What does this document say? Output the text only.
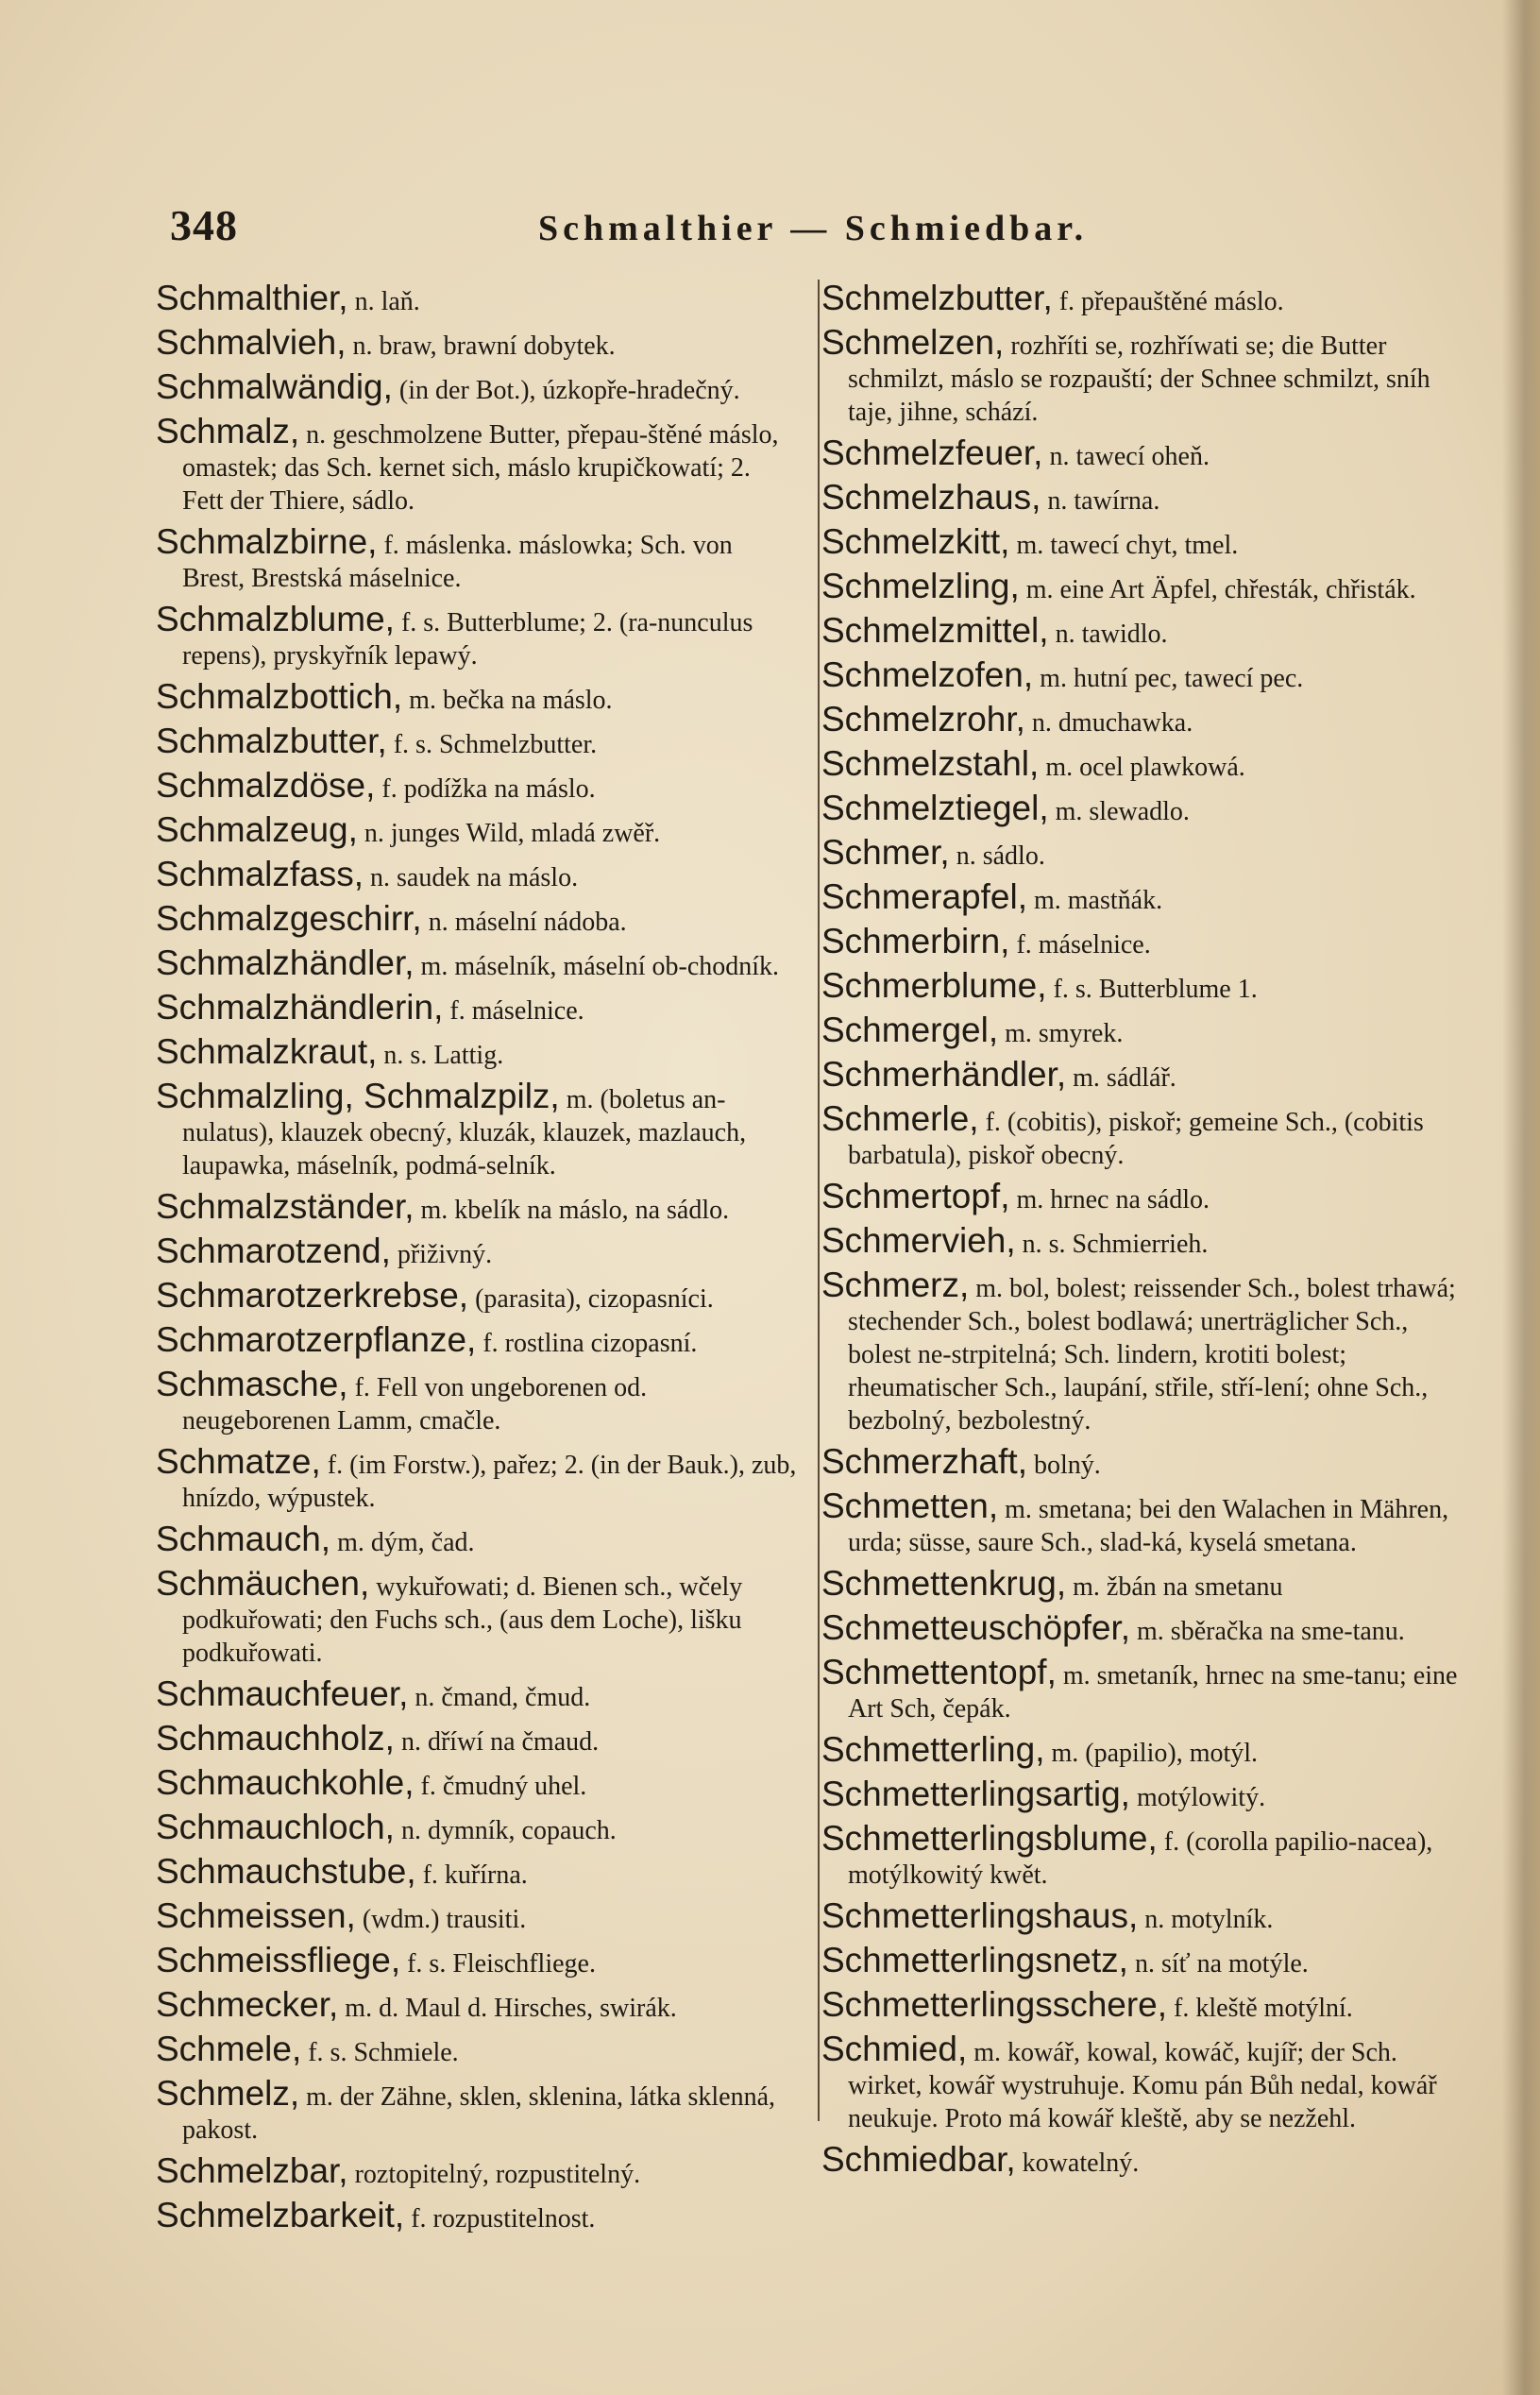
348	Schmalthier — Schmiedbar.
Schmalthier, n. laň.
Schmalvieh, n. braw, brawní dobytek.
Schmalwändig, (in der Bot.), úzkopře-hradečný.
Schmalz, n. geschmolzene Butter, přepau-štěné máslo, omastek; das Sch. kernet sich, máslo krupičkowatí; 2. Fett der Thiere, sádlo.
Schmalzbirne, f. máslenka. máslowka; Sch. von Brest, Brestská máselnice.
Schmalzblume, f. s. Butterblume; 2. (ra-nunculus repens), pryskyřník lepawý.
Schmalzbottich, m. bečka na máslo.
Schmalzbutter, f. s. Schmelzbutter.
Schmalzdöse, f. podížka na máslo.
Schmalzeug, n. junges Wild, mladá zwěř.
Schmalzfass, n. saudek na máslo.
Schmalzgeschirr, n. máselní nádoba.
Schmalzhändler, m. máselník, máselní ob-chodník.
Schmalzhändlerin, f. máselnice.
Schmalzkraut, n. s. Lattig.
Schmalzling, Schmalzpilz, m. (boletus an-nulatus), klauzek obecný, kluzák, klauzek, mazlauch, laupawka, máselník, podmá-selník.
Schmalzständer, m. kbelík na máslo, na sádlo.
Schmarotzend, přiživný.
Schmarotzerkrebse, (parasita), cizopasníci.
Schmarotzerpflanze, f. rostlina cizopasní.
Schmasche, f. Fell von ungeborenen od. neugeborenen Lamm, cmačle.
Schmatze, f. (im Forstw.), pařez; 2. (in der Bauk.), zub, hnízdo, wýpustek.
Schmauch, m. dým, čad.
Schmäuchen, wykuřowati; d. Bienen sch., wčely podkuřowati; den Fuchs sch., (aus dem Loche), lišku podkuřowati.
Schmauchfeuer, n. čmand, čmud.
Schmauchholz, n. dříwí na čmaud.
Schmauchkohle, f. čmudný uhel.
Schmauchloch, n. dymník, copauch.
Schmauchstube, f. kuřírna.
Schmeissen, (wdm.) trausiti.
Schmeissfliege, f. s. Fleischfliege.
Schmecker, m. d. Maul d. Hirsches, swirák.
Schmele, f. s. Schmiele.
Schmelz, m. der Zähne, sklen, sklenina, látka sklenná, pakost.
Schmelzbar, roztopitelný, rozpustitelný.
Schmelzbarkeit, f. rozpustitelnost.
Schmelzbutter, f. přepauštěné máslo.
Schmelzen, rozhříti se, rozhříwati se; die Butter schmilzt, máslo se rozpauští; der Schnee schmilzt, sníh taje, jihne, schází.
Schmelzfeuer, n. tawecí oheň.
Schmelzhaus, n. tawírna.
Schmelzkitt, m. tawecí chyt, tmel.
Schmelzling, m. eine Art Äpfel, chřesták, chřisták.
Schmelzmittel, n. tawidlo.
Schmelzofen, m. hutní pec, tawecí pec.
Schmelzrohr, n. dmuchawka.
Schmelzstahl, m. ocel plawkowá.
Schmelztiegel, m. slewadlo.
Schmer, n. sádlo.
Schmerapfel, m. mastňák.
Schmerbirn, f. máselnice.
Schmerblume, f. s. Butterblume 1.
Schmergel, m. smyrek.
Schmerhändler, m. sádlář.
Schmerle, f. (cobitis), piskoř; gemeine Sch., (cobitis barbatula), piskoř obecný.
Schmertopf, m. hrnec na sádlo.
Schmervieh, n. s. Schmierrieh.
Schmerz, m. bol, bolest; reissender Sch., bolest trhawá; stechender Sch., bolest bodlawá; unerträglicher Sch., bolest ne-strpitelná; Sch. lindern, krotiti bolest; rheumatischer Sch., laupání, střile, stří-lení; ohne Sch., bezbolný, bezbolestný.
Schmerzhaft, bolný.
Schmetten, m. smetana; bei den Walachen in Mähren, urda; süsse, saure Sch., slad-ká, kyselá smetana.
Schmettenkrug, m. žbán na smetanu
Schmetteuschöpfer, m. sběračka na sme-tanu.
Schmettentopf, m. smetaník, hrnec na sme-tanu; eine Art Sch, čepák.
Schmetterling, m. (papilio), motýl.
Schmetterlingsartig, motýlowitý.
Schmetterlingsblume, f. (corolla papilio-nacea), motýlkowitý kwět.
Schmetterlingshaus, n. motylník.
Schmetterlingsnetz, n. síť na motýle.
Schmetterlingsschere, f. kleště motýlní.
Schmied, m. kowář, kowal, kowáč, kujíř; der Sch. wirket, kowář wystruhuje. Komu pán Bůh nedal, kowář neukuje. Proto má kowář kleště, aby se nezžehl.
Schmiedbar, kowatelný.
